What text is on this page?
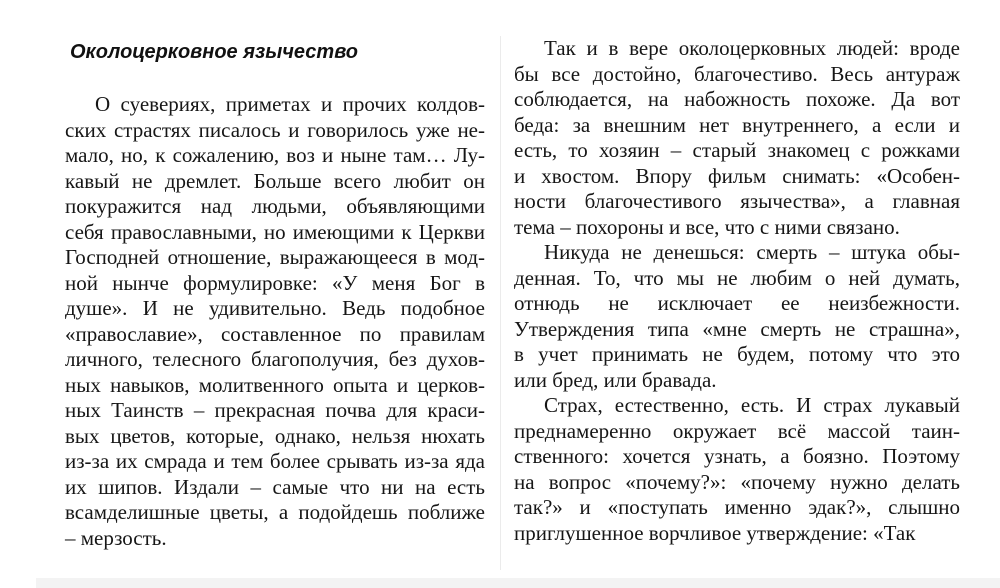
Околоцерковное язычество
О суевериях, приметах и прочих колдов-
ских страстях писалось и говорилось уже не-
мало, но, к сожалению, воз и ныне там… Лу-
кавый не дремлет. Больше всего любит он
покуражится над людьми, объявляющими
себя православными, но имеющими к Церкви
Господней отношение, выражающееся в мод-
ной нынче формулировке: «У меня Бог в
душе». И не удивительно. Ведь подобное
«православие», составленное по правилам
личного, телесного благополучия, без духов-
ных навыков, молитвенного опыта и церков-
ных Таинств – прекрасная почва для краси-
вых цветов, которые, однако, нельзя нюхать
из-за их смрада и тем более срывать из-за яда
их шипов. Издали – самые что ни на есть
всамделишные цветы, а подойдешь поближе
– мерзость.
Так и в вере околоцерковных людей: вроде
бы все достойно, благочестиво. Весь антураж
соблюдается, на набожность похоже. Да вот
беда: за внешним нет внутреннего, а если и
есть, то хозяин – старый знакомец с рожками
и хвостом. Впору фильм снимать: «Особен-
ности благочестивого язычества», а главная
тема – похороны и все, что с ними связано.
Никуда не денешься: смерть – штука обы-
денная. То, что мы не любим о ней думать,
отнюдь не исключает ее неизбежности.
Утверждения типа «мне смерть не страшна»,
в учет принимать не будем, потому что это
или бред, или бравада.
Страх, естественно, есть. И страх лукавый
преднамеренно окружает всё массой таин-
ственного: хочется узнать, а боязно. Поэтому
на вопрос «почему?»: «почему нужно делать
так?» и «поступать именно эдак?», слышно
приглушенное ворчливое утверждение: «Так
